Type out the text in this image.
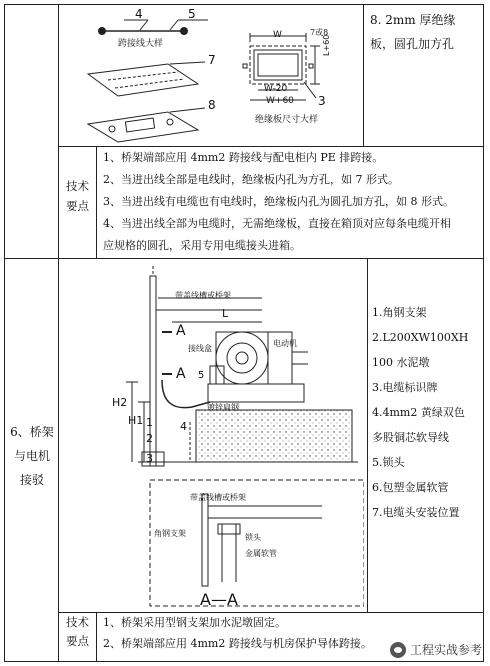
4	5
跨接线大样
7
8
W	7或8
L+60
W-20
W+60 3
绝缘板尺寸大样
8. 2mm 厚绝缘板，圆孔加方孔
技术
要点
1、桥架端部应用 4mm2 跨接线与配电柜内 PE 排跨接。
2、当进出线全部是电线时，绝缘板内孔为方孔，如 7 形式。
3、当进出线有电缆也有电线时，绝缘板内孔为圆孔加方孔，如 8 形式。
4、当进出线全部为电缆时，无需绝缘板，直接在箱顶对应每条电缆开相
应规格的圆孔，采用专用电缆接头进箱。
6、桥架
与电机
接驳
带盖线槽或桥架
L
A
接线盒
电动机
A 5
H2	镀锌扁钢
H1 1 4
2
3
带盖线槽或桥架
角钢支架	锁头
金属软管
A—A
1.角钢支架
2.L200XW100XH
100 水泥墩
3.电缆标识牌
4.4mm2 黄绿双色
多股铜芯软导线
5.锁头
6.包塑金属软管
7.电缆头安装位置
技术
要点
1、桥架采用型钢支架加水泥墩固定。
2、桥架端部应用 4mm2 跨接线与机房保护导体跨接。	工程实战参考
